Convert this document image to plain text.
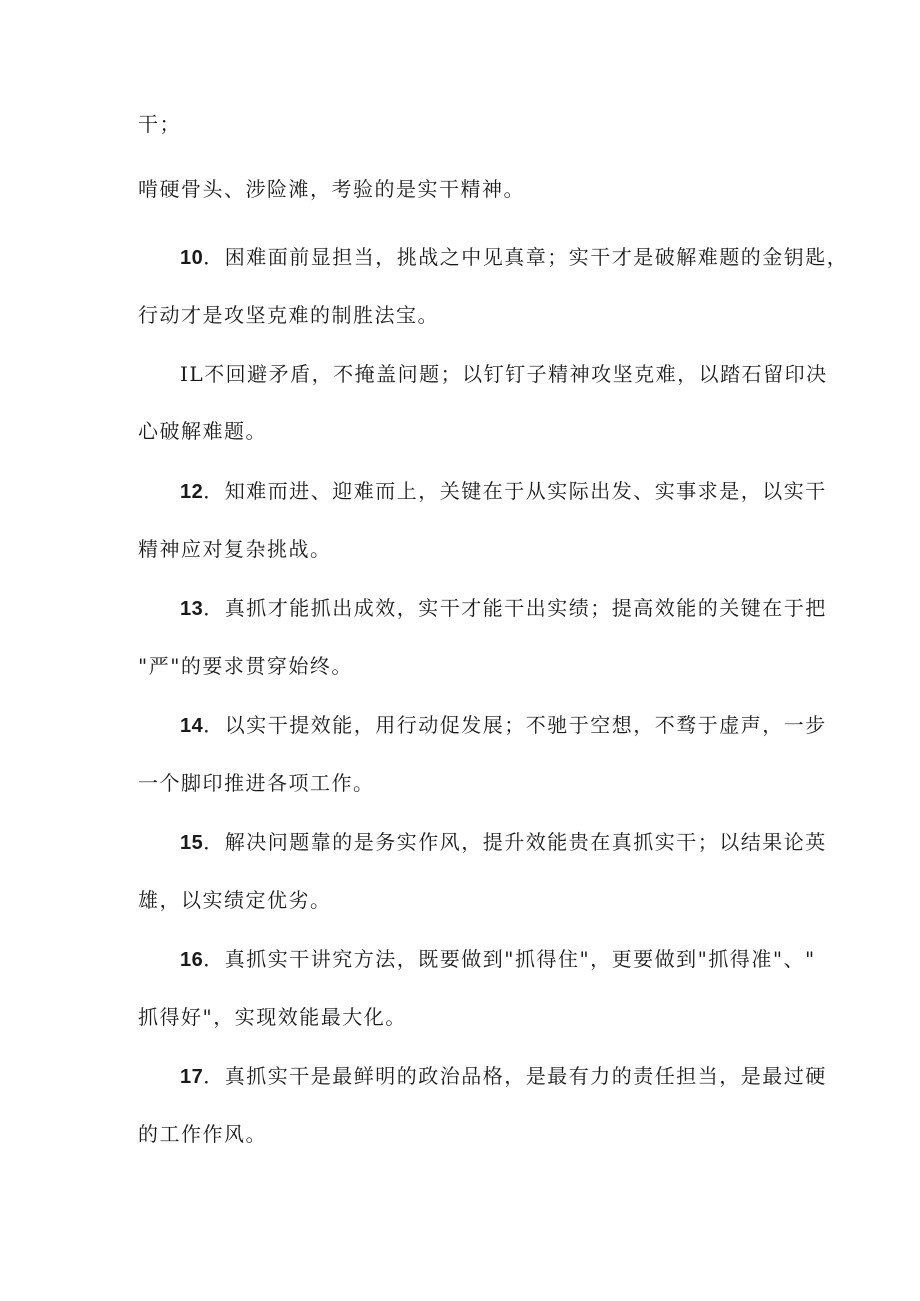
干；

啃硬骨头、涉险滩，考验的是实干精神。

10．困难面前显担当，挑战之中见真章；实干才是破解难题的金钥匙，
行动才是攻坚克难的制胜法宝。

IL不回避矛盾，不掩盖问题；以钉钉子精神攻坚克难，以踏石留印决
心破解难题。

12．知难而进、迎难而上，关键在于从实际出发、实事求是，以实干
精神应对复杂挑战。

13．真抓才能抓出成效，实干才能干出实绩；提高效能的关键在于把
"严"的要求贯穿始终。

14．以实干提效能，用行动促发展；不驰于空想，不骛于虚声，一步
一个脚印推进各项工作。

15．解决问题靠的是务实作风，提升效能贵在真抓实干；以结果论英
雄，以实绩定优劣。

16．真抓实干讲究方法，既要做到"抓得住"，更要做到"抓得准"、"
抓得好"，实现效能最大化。

17．真抓实干是最鲜明的政治品格，是最有力的责任担当，是最过硬
的工作作风。
